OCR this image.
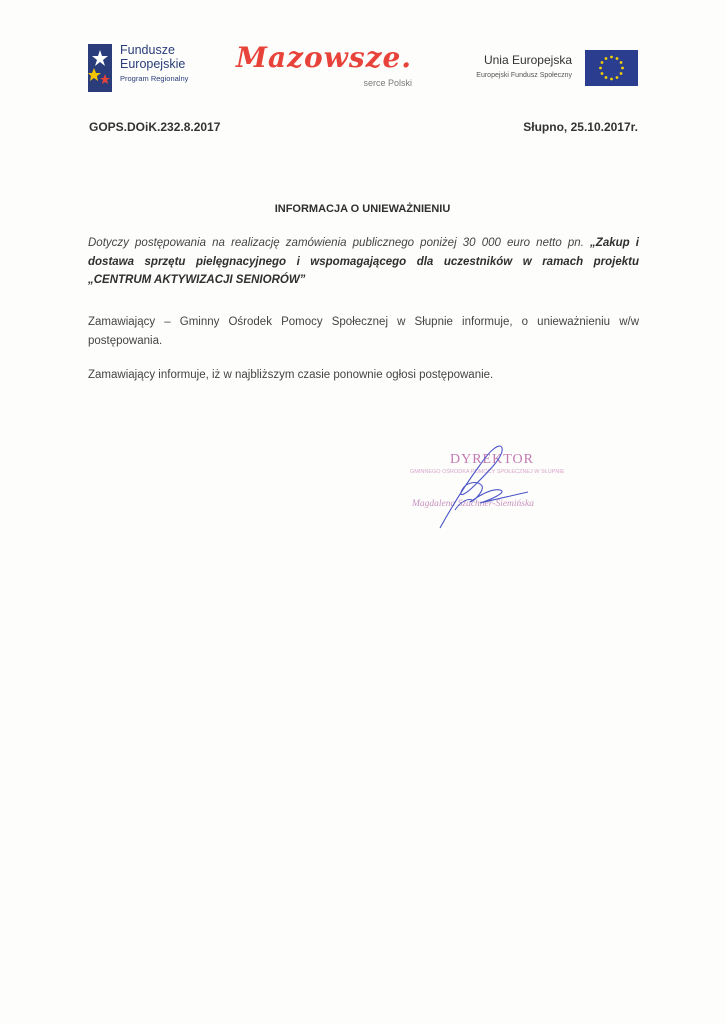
Fundusze
Europejskie
Program Regionalny
Mazowsze.
serce Polski
Unia Europejska
Europejski Fundusz Społeczny
GOPS.DOiK.232.8.2017	Słupno, 25.10.2017r.
INFORMACJA O UNIEWAŻNIENIU
Dotyczy postępowania na realizację zamówienia publicznego poniżej 30 000 euro netto pn. „Zakup i dostawa sprzętu pielęgnacyjnego i wspomagającego dla uczestników w ramach projektu „CENTRUM AKTYWIZACJI SENIORÓW”
Zamawiający – Gminny Ośrodek Pomocy Społecznej w Słupnie informuje, o unieważnieniu w/w postępowania.
Zamawiający informuje, iż w najbliższym czasie ponownie ogłosi postępowanie.
DYREKTOR
GMINNEGO OŚRODKA POMOCY SPOŁECZNEJ W SŁUPNIE
Magdalena Szachner-Siemińska
